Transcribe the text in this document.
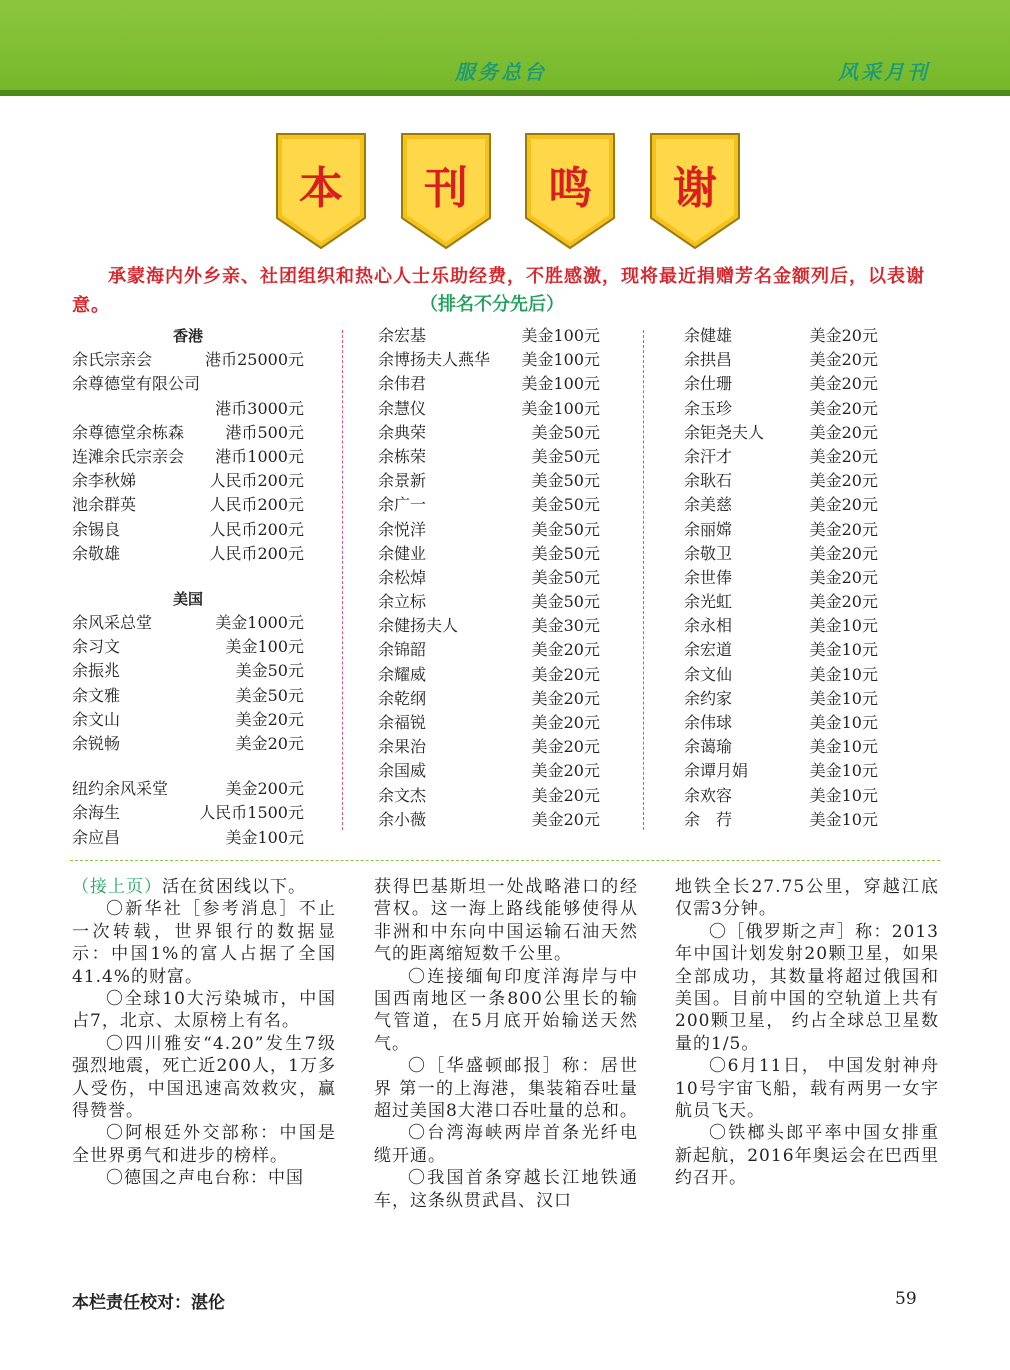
服务总台	风采月刊
本	刊	鸣	谢
承蒙海内外乡亲、社团组织和热心人士乐助经费，不胜感激，现将最近捐赠芳名金额列后，以表谢意。	（排名不分先后）
香港
余氏宗亲会	港币25000元
余尊德堂有限公司
港币3000元
余尊德堂余栋森	港币500元
连滩余氏宗亲会 港币1000元
余李秋娣	人民币200元
池余群英	人民币200元
余锡良	人民币200元
余敬雄	人民币200元
美国
余风采总堂	美金1000元
余习文	美金100元
余振兆	美金50元
余文雅	美金50元
余文山	美金20元
余锐畅	美金20元
纽约余风采堂	美金200元
余海生	人民币1500元
余应昌	美金100元
余宏基	美金100元
余博扬夫人燕华 美金100元
余伟君	美金100元
余慧仪	美金100元
余典荣	美金50元
余栋荣	美金50元
余景新	美金50元
余广一	美金50元
余悦洋	美金50元
余健业	美金50元
余松焯	美金50元
余立标	美金50元
余健扬夫人	美金30元
余锦韶	美金20元
余耀威	美金20元
余乾纲	美金20元
余福锐	美金20元
余果治	美金20元
余国威	美金20元
余文杰	美金20元
余小薇	美金20元
余健雄	美金20元
余拱昌	美金20元
余仕珊	美金20元
余玉珍	美金20元
余钜尧夫人	美金20元
余汗才	美金20元
余耿石	美金20元
余美慈	美金20元
余丽嫦	美金20元
余敬卫	美金20元
余世俸	美金20元
余光虹	美金20元
余永相	美金10元
余宏道	美金10元
余文仙	美金10元
余约家	美金10元
余伟球	美金10元
余蔼瑜	美金10元
余谭月娟	美金10元
余欢容	美金10元
余　荇	美金10元

（接上页）活在贫困线以下。

〇新华社［参考消息］不止一次转载，世界银行的数据显示：中国1%的富人占据了全国41.4%的财富。

〇全球10大污染城市，中国占7，北京、太原榜上有名。

〇四川雅安“4.20”发生7级强烈地震，死亡近200人，1万多人受伤，中国迅速高效救灾，赢得赞誉。

〇阿根廷外交部称：中国是全世界勇气和进步的榜样。

〇德国之声电台称：中国

获得巴基斯坦一处战略港口的经营权。这一海上路线能够使得从非洲和中东向中国运输石油天然气的距离缩短数千公里。

〇连接缅甸印度洋海岸与中国西南地区一条800公里长的输气管道，在5月底开始输送天然气。

〇［华盛顿邮报］称：居世界 第一的上海港，集装箱吞吐量超过美国8大港口吞吐量的总和。

〇台湾海峡两岸首条光纤电缆开通。

〇我国首条穿越长江地铁通车，这条纵贯武昌、汉口

地铁全长27.75公里，穿越江底仅需3分钟。

〇［俄罗斯之声］称：2013年中国计划发射20颗卫星，如果全部成功，其数量将超过俄国和美国。目前中国的空轨道上共有200颗卫星， 约占全球总卫星数量的1/5。

〇6月11日， 中国发射神舟10号宇宙飞船，载有两男一女宇航员飞天。

〇铁榔头郎平率中国女排重新起航，2016年奥运会在巴西里约召开。

本栏责任校对：湛伦	59
